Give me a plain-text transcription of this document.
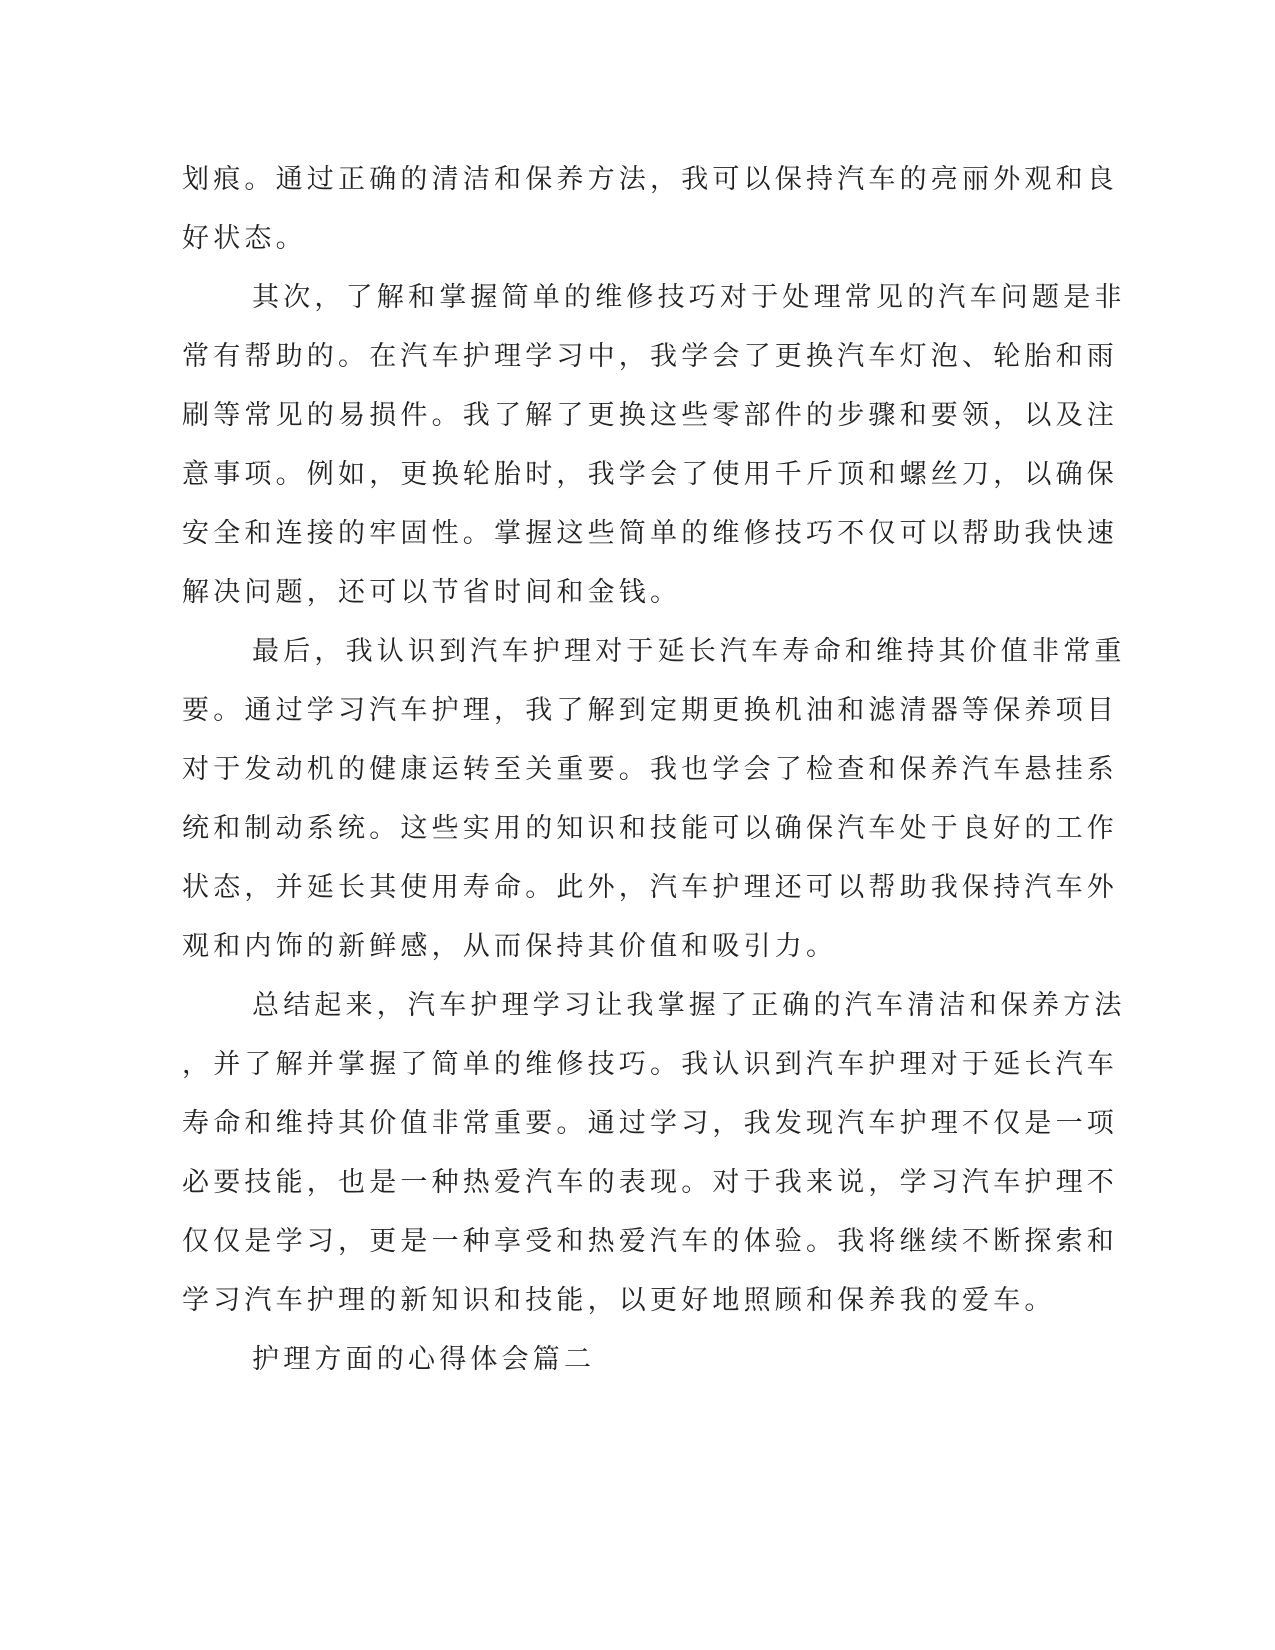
划痕。通过正确的清洁和保养方法，我可以保持汽车的亮丽外观和良
好状态。
其次，了解和掌握简单的维修技巧对于处理常见的汽车问题是非
常有帮助的。在汽车护理学习中，我学会了更换汽车灯泡、轮胎和雨
刷等常见的易损件。我了解了更换这些零部件的步骤和要领，以及注
意事项。例如，更换轮胎时，我学会了使用千斤顶和螺丝刀，以确保
安全和连接的牢固性。掌握这些简单的维修技巧不仅可以帮助我快速
解决问题，还可以节省时间和金钱。
最后，我认识到汽车护理对于延长汽车寿命和维持其价值非常重
要。通过学习汽车护理，我了解到定期更换机油和滤清器等保养项目
对于发动机的健康运转至关重要。我也学会了检查和保养汽车悬挂系
统和制动系统。这些实用的知识和技能可以确保汽车处于良好的工作
状态，并延长其使用寿命。此外，汽车护理还可以帮助我保持汽车外
观和内饰的新鲜感，从而保持其价值和吸引力。
总结起来，汽车护理学习让我掌握了正确的汽车清洁和保养方法
，并了解并掌握了简单的维修技巧。我认识到汽车护理对于延长汽车
寿命和维持其价值非常重要。通过学习，我发现汽车护理不仅是一项
必要技能，也是一种热爱汽车的表现。对于我来说，学习汽车护理不
仅仅是学习，更是一种享受和热爱汽车的体验。我将继续不断探索和
学习汽车护理的新知识和技能，以更好地照顾和保养我的爱车。
护理方面的心得体会篇二
